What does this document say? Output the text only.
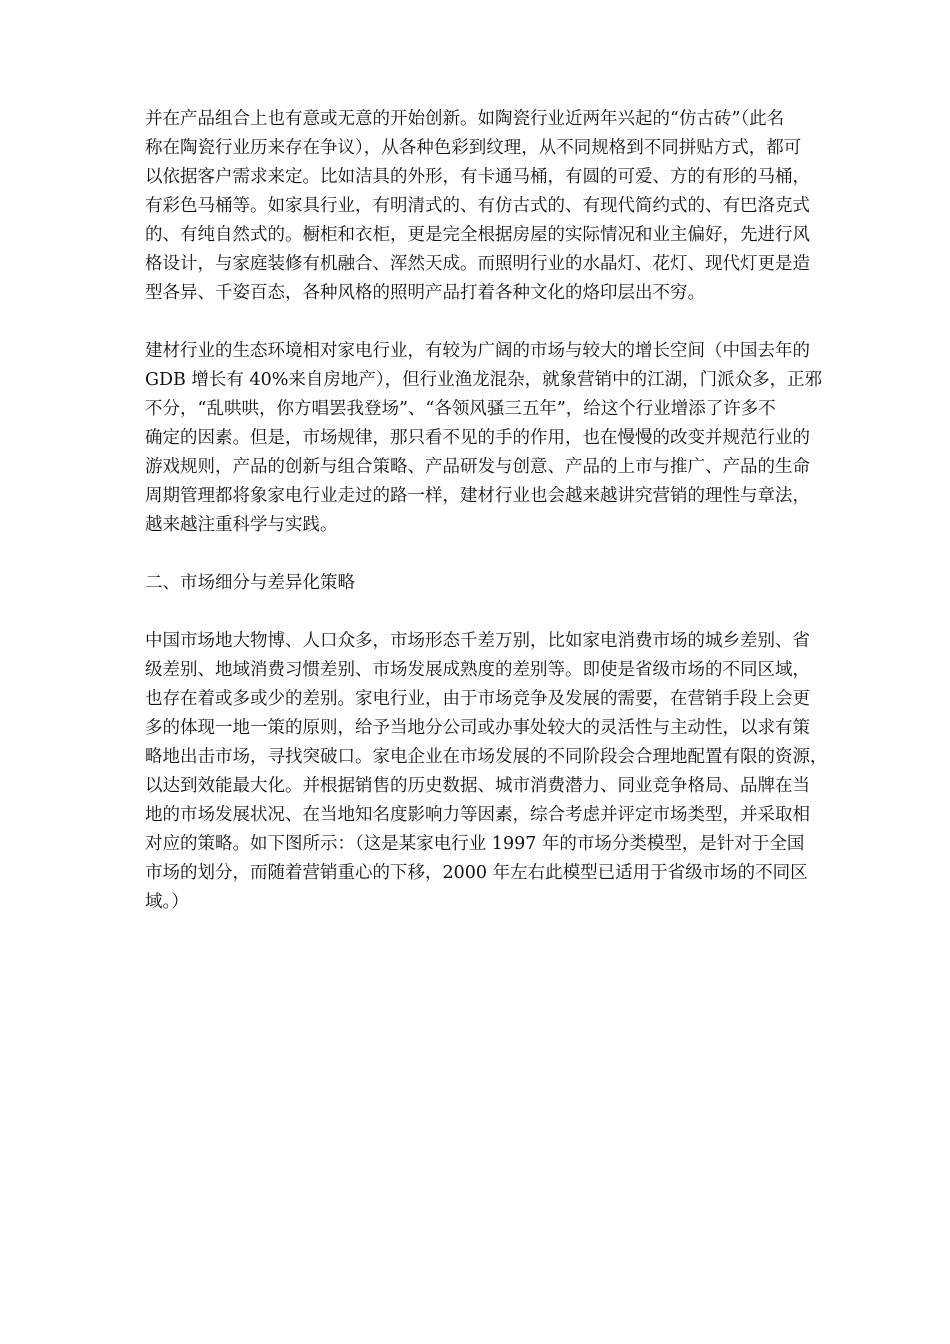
并在产品组合上也有意或无意的开始创新。如陶瓷行业近两年兴起的“仿古砖”（此名
称在陶瓷行业历来存在争议），从各种色彩到纹理，从不同规格到不同拼贴方式，都可
以依据客户需求来定。比如洁具的外形，有卡通马桶，有圆的可爱、方的有形的马桶，
有彩色马桶等。如家具行业，有明清式的、有仿古式的、有现代简约式的、有巴洛克式
的、有纯自然式的。橱柜和衣柜，更是完全根据房屋的实际情况和业主偏好，先进行风
格设计，与家庭装修有机融合、浑然天成。而照明行业的水晶灯、花灯、现代灯更是造
型各异、千姿百态，各种风格的照明产品打着各种文化的烙印层出不穷。
建材行业的生态环境相对家电行业，有较为广阔的市场与较大的增长空间（中国去年的
GDB 增长有 40%来自房地产），但行业渔龙混杂，就象营销中的江湖，门派众多，正邪
不分，“乱哄哄，你方唱罢我登场”、“各领风骚三五年”，给这个行业增添了许多不
确定的因素。但是，市场规律，那只看不见的手的作用，也在慢慢的改变并规范行业的
游戏规则，产品的创新与组合策略、产品研发与创意、产品的上市与推广、产品的生命
周期管理都将象家电行业走过的路一样，建材行业也会越来越讲究营销的理性与章法，
越来越注重科学与实践。
二、市场细分与差异化策略
中国市场地大物博、人口众多，市场形态千差万别，比如家电消费市场的城乡差别、省
级差别、地域消费习惯差别、市场发展成熟度的差别等。即使是省级市场的不同区域，
也存在着或多或少的差别。家电行业，由于市场竞争及发展的需要，在营销手段上会更
多的体现一地一策的原则，给予当地分公司或办事处较大的灵活性与主动性，以求有策
略地出击市场，寻找突破口。家电企业在市场发展的不同阶段会合理地配置有限的资源，
以达到效能最大化。并根据销售的历史数据、城市消费潜力、同业竞争格局、品牌在当
地的市场发展状况、在当地知名度影响力等因素，综合考虑并评定市场类型，并采取相
对应的策略。如下图所示：（这是某家电行业 1997 年的市场分类模型，是针对于全国
市场的划分，而随着营销重心的下移，2000 年左右此模型已适用于省级市场的不同区
域。）
